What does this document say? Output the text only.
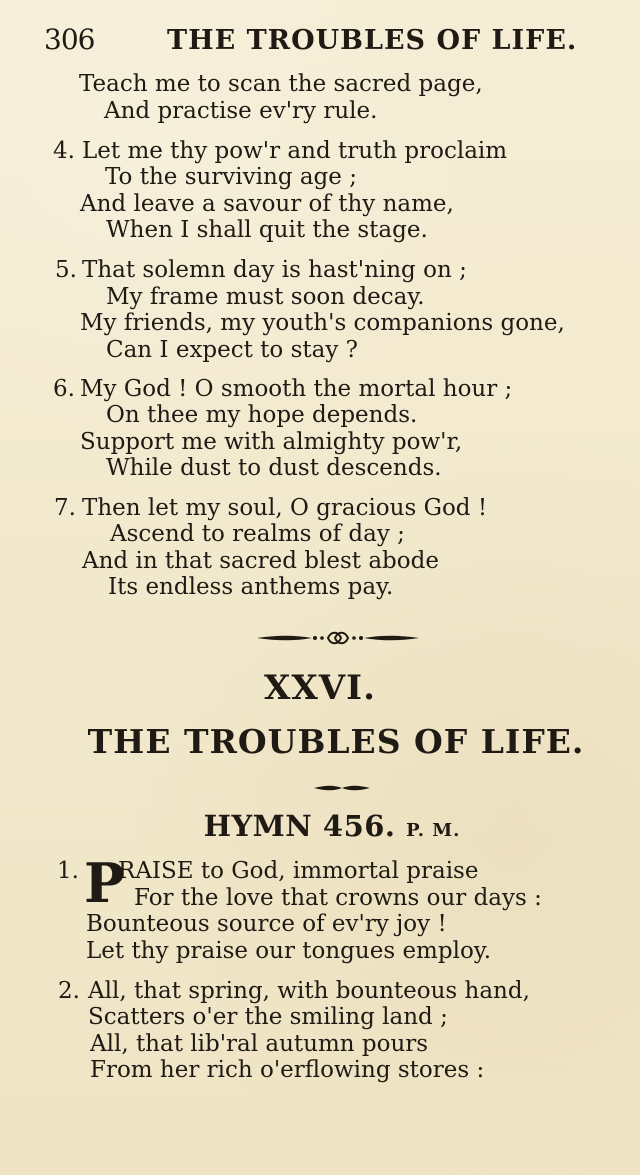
306	THE TROUBLES OF LIFE.
Teach me to scan the sacred page,
And practise ev'ry rule.
4. Let me thy pow'r and truth proclaim
To the surviving age ;
And leave a savour of thy name,
When I shall quit the stage.
5. That solemn day is hast'ning on ;
My frame must soon decay.
My friends, my youth's companions gone,
Can I expect to stay ?
6. My God ! O smooth the mortal hour ;
On thee my hope depends.
Support me with almighty pow'r,
While dust to dust descends.
7. Then let my soul, O gracious God !
Ascend to realms of day ;
And in that sacred blest abode
Its endless anthems pay.
XXVI.
THE TROUBLES OF LIFE.
HYMN 456. P. M.
1. P
RAISE to God, immortal praise
For the love that crowns our days :
Bounteous source of ev'ry joy !
Let thy praise our tongues employ.
2. All, that spring, with bounteous hand,
Scatters o'er the smiling land ;
All, that lib'ral autumn pours
From her rich o'erflowing stores :
